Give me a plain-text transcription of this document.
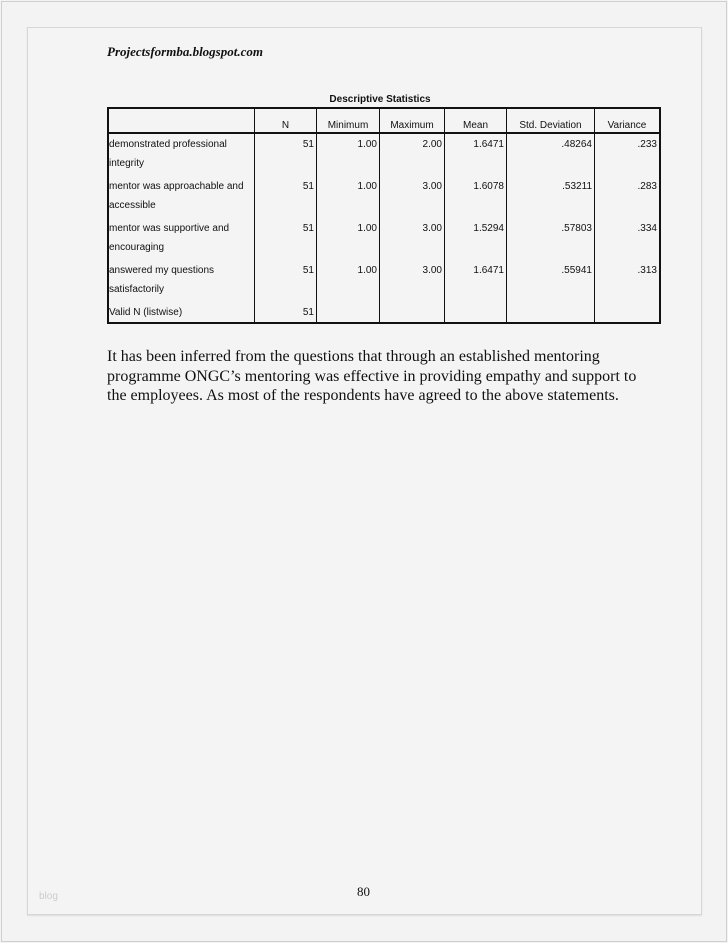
Projectsformba.blogspot.com
Descriptive Statistics
	N	Minimum	Maximum	Mean	Std. Deviation	Variance
demonstrated professional integrity	51	1.00	2.00	1.6471	.48264	.233
mentor was approachable and accessible	51	1.00	3.00	1.6078	.53211	.283
mentor was supportive and encouraging	51	1.00	3.00	1.5294	.57803	.334
answered my questions satisfactorily	51	1.00	3.00	1.6471	.55941	.313
Valid N (listwise)	51					
It has been inferred from the questions that through an established mentoring programme ONGC’s mentoring was effective in providing empathy and support to the employees. As most of the respondents have agreed to the above statements.
blog	80
